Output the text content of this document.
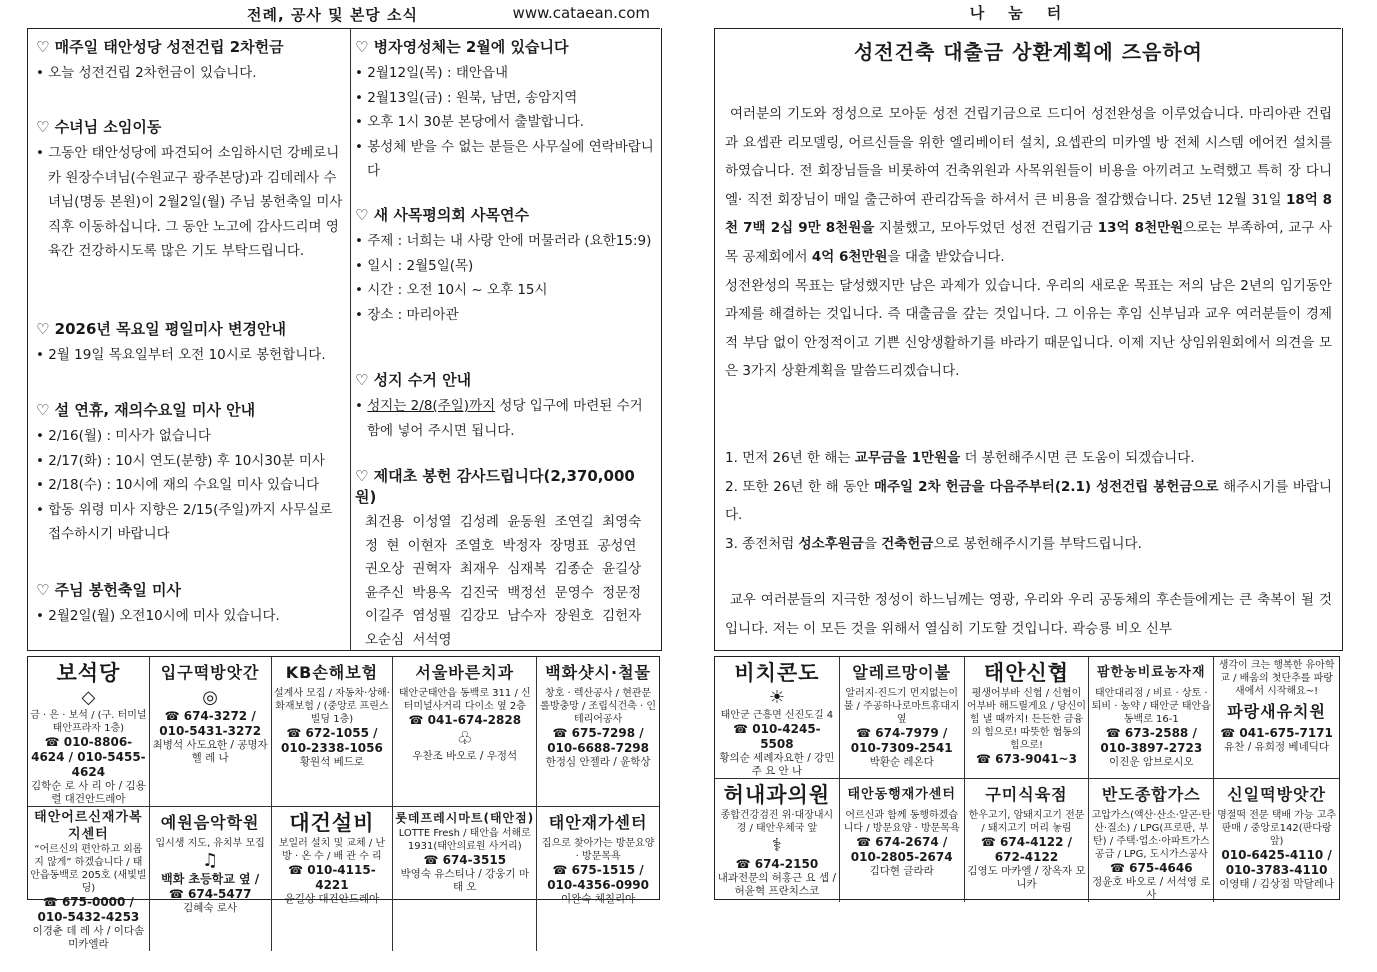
전례, 공사 및 본당 소식	www.cataean.com
♡ 매주일 태안성당 성전건립 2차헌금
• 오늘 성전건립 2차헌금이 있습니다.
♡ 수녀님 소임이동
• 그동안 태안성당에 파견되어 소임하시던 강베로니카 원장수녀님(수원교구 광주본당)과 김데레사 수녀님(명동 본원)이 2월2일(월) 주님 봉헌축일 미사 직후 이동하십니다. 그 동안 노고에 감사드리며 영육간 건강하시도록 많은 기도 부탁드립니다.
♡ 2026년 목요일 평일미사 변경안내
• 2월 19일 목요일부터 오전 10시로 봉헌합니다.
♡ 설 연휴, 재의수요일 미사 안내
• 2/16(월) : 미사가 없습니다
• 2/17(화) : 10시 연도(분향) 후 10시30분 미사
• 2/18(수) : 10시에 재의 수요일 미사 있습니다
• 합동 위령 미사 지향은 2/15(주일)까지 사무실로 접수하시기 바랍니다
♡ 주님 봉헌축일 미사
• 2월2일(월) 오전10시에 미사 있습니다.
♡ 병자영성체는 2월에 있습니다
• 2월12일(목) : 태안읍내
• 2월13일(금) : 원북, 남면, 송암지역
• 오후 1시 30분 본당에서 출발합니다.
• 봉성체 받을 수 없는 분들은 사무실에 연락바랍니다
♡ 새 사목평의회 사목연수
• 주제 : 너희는 내 사랑 안에 머물러라 (요한15:9)
• 일시 : 2월5일(목)
• 시간 : 오전 10시 ~ 오후 15시
• 장소 : 마리아관
♡ 성지 수거 안내
• 성지는 2/8(주일)까지 성당 입구에 마련된 수거함에 넣어 주시면 됩니다.
♡ 제대초 봉헌 감사드립니다(2,370,000원)
최건용 이성열 김성례 윤동원 조연길 최영숙
정 현 이현자 조열호 박정자 장명표 공성연
권오상 권혁자 최재우 심재복 김종순 윤길상
윤주신 박용옥 김진국 백정선 문영수 정문정
이길주 염성필 김강모 남수자 장원호 김헌자
오순심 서석영
보석당
◇
금 · 은 · 보석 / (구. 터미널 태안프라자 1층)
☎ 010-8806-4624 / 010-5455-4624
김학순 로 사 리 아 / 김용렬 대건안드레아
입구떡방앗간
◎
☎ 674-3272 / 010-5431-3272
최병석 사도요한 / 공명자 헬 레 나
KB손해보험
설계사 모집 / 자동차·상해·화재보험 / (중앙로 프린스빌딩 1층)
☎ 672-1055 / 010-2338-1056
황원석 베드로
서울바른치과
태안군태안읍 동백로 311 / 신터미널사거리 다이소 옆 2층
☎ 041-674-2828
♧
우찬조 바오로 / 우정석
백화샷시·철물
창호 · 렉산공사 / 현관문 롤방충망 / 조립식건축 · 인테리어공사
☎ 675-7298 / 010-6688-7298
한정심 안젤라 / 윤학상
태안어르신재가복지센터
“어르신의 편안하고 외롭지 않게” 하겠습니다 / 태안읍동백로 205호 (새빛빌딩)
☎ 675-0000 / 010-5432-4253
이경춘 데 레 사 / 이다솜 미카엘라
예원음악학원
입시생 지도, 유치부 모집
♫
백화 초등학교 옆 / ☎ 674-5477
김혜숙 로사
대건설비
보일러 설치 및 교체 / 난 방 · 온 수 / 배 관 수 리
☎ 010-4115-4221
윤길상 대건안드레아
롯데프레시마트(태안점)
LOTTE Fresh / 태안읍 서해로 1931(태안의료원 사거리)
☎ 674-3515
박영숙 유스티나 / 강웅기 마 태 오
태안재가센터
집으로 찾아가는 방문요양 · 방문목욕
☎ 675-1515 / 010-4356-0990
이완숙 체칠리아
나눔터
성전건축 대출금 상환계획에 즈음하여

여러분의 기도와 정성으로 모아둔 성전 건립기금으로 드디어 성전완성을 이루었습니다. 마리아관 건립과 요셉관 리모델링, 어르신들을 위한 엘리베이터 설치, 요셉관의 미카엘 방 전체 시스템 에어컨 설치를 하였습니다. 전 회장님들을 비롯하여 건축위원과 사목위원들이 비용을 아끼려고 노력했고 특히 장 다니엘· 직전 회장님이 매일 출근하여 관리감독을 하셔서 큰 비용을 절감했습니다. 25년 12월 31일 18억 8천 7백 2십 9만 8천원을 지불했고, 모아두었던 성전 건립기금 13억 8천만원으로는 부족하여, 교구 사목 공제회에서 4억 6천만원을 대출 받았습니다.

성전완성의 목표는 달성했지만 남은 과제가 있습니다. 우리의 새로운 목표는 저의 남은 2년의 임기동안 과제를 해결하는 것입니다. 즉 대출금을 갚는 것입니다. 그 이유는 후임 신부님과 교우 여러분들이 경제적 부담 없이 안정적이고 기쁜 신앙생활하기를 바라기 때문입니다. 이제 지난 상임위원회에서 의견을 모은 3가지 상환계획을 말씀드리겠습니다.

1. 먼저 26년 한 해는 교무금을 1만원을 더 봉헌해주시면 큰 도움이 되겠습니다.

2. 또한 26년 한 해 동안 매주일 2차 헌금을 다음주부터(2.1) 성전건립 봉헌금으로 해주시기를 바랍니다.

3. 종전처럼 성소후원금을 건축헌금으로 봉헌해주시기를 부탁드립니다.

교우 여러분들의 지극한 정성이 하느님께는 영광, 우리와 우리 공동체의 후손들에게는 큰 축복이 될 것입니다. 저는 이 모든 것을 위해서 열심히 기도할 것입니다. 곽승룡 비오 신부

비치콘도
☀
태안군 근흥면 신진도길 4
☎ 010-4245-5508
황의순 세례자요한 / 강민주 요 안 나
알레르망이불
알러지·진드기 먼지없는이불 / 주공하나로마트휴대지 옆
☎ 674-7979 / 010-7309-2541
박환순 레온다
태안신협
평생어부바 신협 / 신협이 어부바 해드릴게요 / 당신이 힘 낼 때까지! 든든한 금융의 힘으로! 따뜻한 협동의 힘으로!
☎ 673-9041~3
팜한농비료농자재
태안대리점 / 비료 · 상토 · 퇴비 · 농약 / 태안군 태안읍 동백로 16-1
☎ 673-2588 / 010-3897-2723
이진운 암브로시오
생각이 크는 행복한 유아학교 / 배움의 첫단추를 파랑새에서 시작해요~!
파랑새유치원
☎ 041-675-7171
유찬 / 유희정 베네딕다
허내과의원
종합건강검진 위·대장내시경 / 태안우체국 앞
⚕
☎ 674-2150
내과전문의 허홍근 요 셉 / 허윤혁 프란치스코
태안동행재가센터
어르신과 함께 동행하겠습니다 / 방문요양 · 방문목욕
☎ 674-2674 / 010-2805-2674
김다현 글라라
구미식육점
한우고기, 암돼지고기 전문 / 돼지고기 머리 놓림
☎ 674-4122 / 672-4122
김영도 마카엘 / 장옥자 모니카
반도종합가스
고압가스(액산·산소·알곤·탄산·질소) / LPG(프로판, 부탄) / 주택·업소·아파트가스 공급 / LPG, 도시가스공사
☎ 675-4646
정윤호 바오로 / 서석영 로 사
신일떡방앗간
명절떡 전문 택배 가능 고추 판매 / 중앙로142(판다랑 앞)
010-6425-4110 / 010-3783-4110
이영태 / 김상점 막달레나
